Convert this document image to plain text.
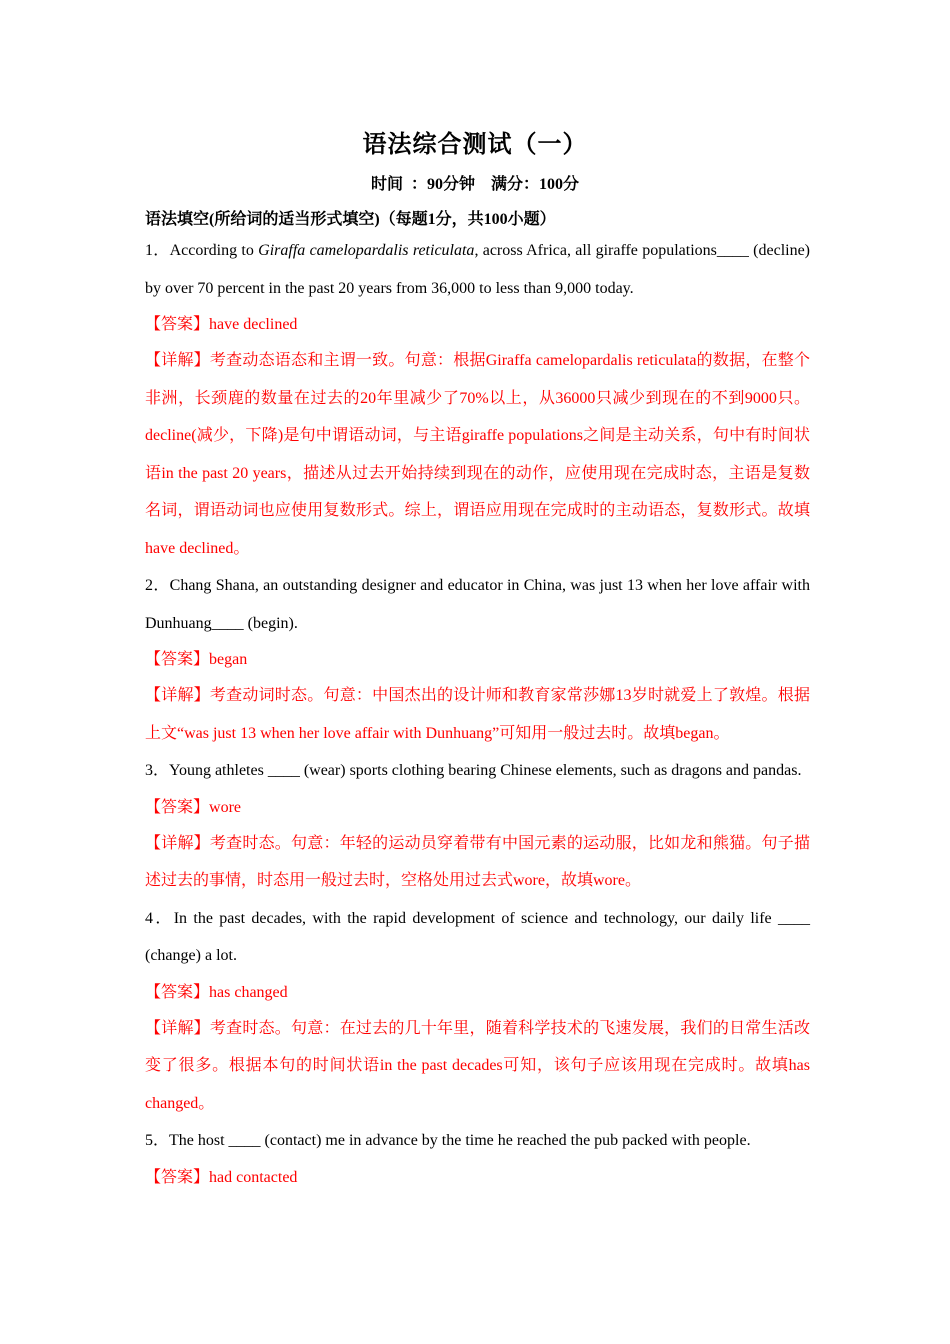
语法综合测试（一）
时间 ：90分钟　满分：100分
语法填空(所给词的适当形式填空)（每题1分，共100小题）

1．According to Giraffa camelopardalis reticulata, across Africa, all giraffe populations____ (decline) by over 70 percent in the past 20 years from 36,000 to less than 9,000 today.

【答案】have declined

【详解】考查动态语态和主谓一致。句意：根据Giraffa camelopardalis reticulata的数据，在整个非洲，长颈鹿的数量在过去的20年里减少了70%以上，从36000只减少到现在的不到9000只。decline(减少，下降)是句中谓语动词，与主语giraffe populations之间是主动关系，句中有时间状语in the past 20 years，描述从过去开始持续到现在的动作，应使用现在完成时态，主语是复数名词，谓语动词也应使用复数形式。综上，谓语应用现在完成时的主动语态，复数形式。故填have declined。

2．Chang Shana, an outstanding designer and educator in China, was just 13 when her love affair with Dunhuang____ (begin).

【答案】began

【详解】考查动词时态。句意：中国杰出的设计师和教育家常莎娜13岁时就爱上了敦煌。根据上文“was just 13 when her love affair with Dunhuang”可知用一般过去时。故填began。

3．Young athletes ____ (wear) sports clothing bearing Chinese elements, such as dragons and pandas.

【答案】wore

【详解】考查时态。句意：年轻的运动员穿着带有中国元素的运动服，比如龙和熊猫。句子描述过去的事情，时态用一般过去时，空格处用过去式wore，故填wore。

4．In the past decades, with the rapid development of science and technology, our daily life ____ (change) a lot.

【答案】has changed

【详解】考查时态。句意：在过去的几十年里，随着科学技术的飞速发展，我们的日常生活改变了很多。根据本句的时间状语in the past decades可知，该句子应该用现在完成时。故填has changed。

5．The host ____ (contact) me in advance by the time he reached the pub packed with people.

【答案】had contacted
